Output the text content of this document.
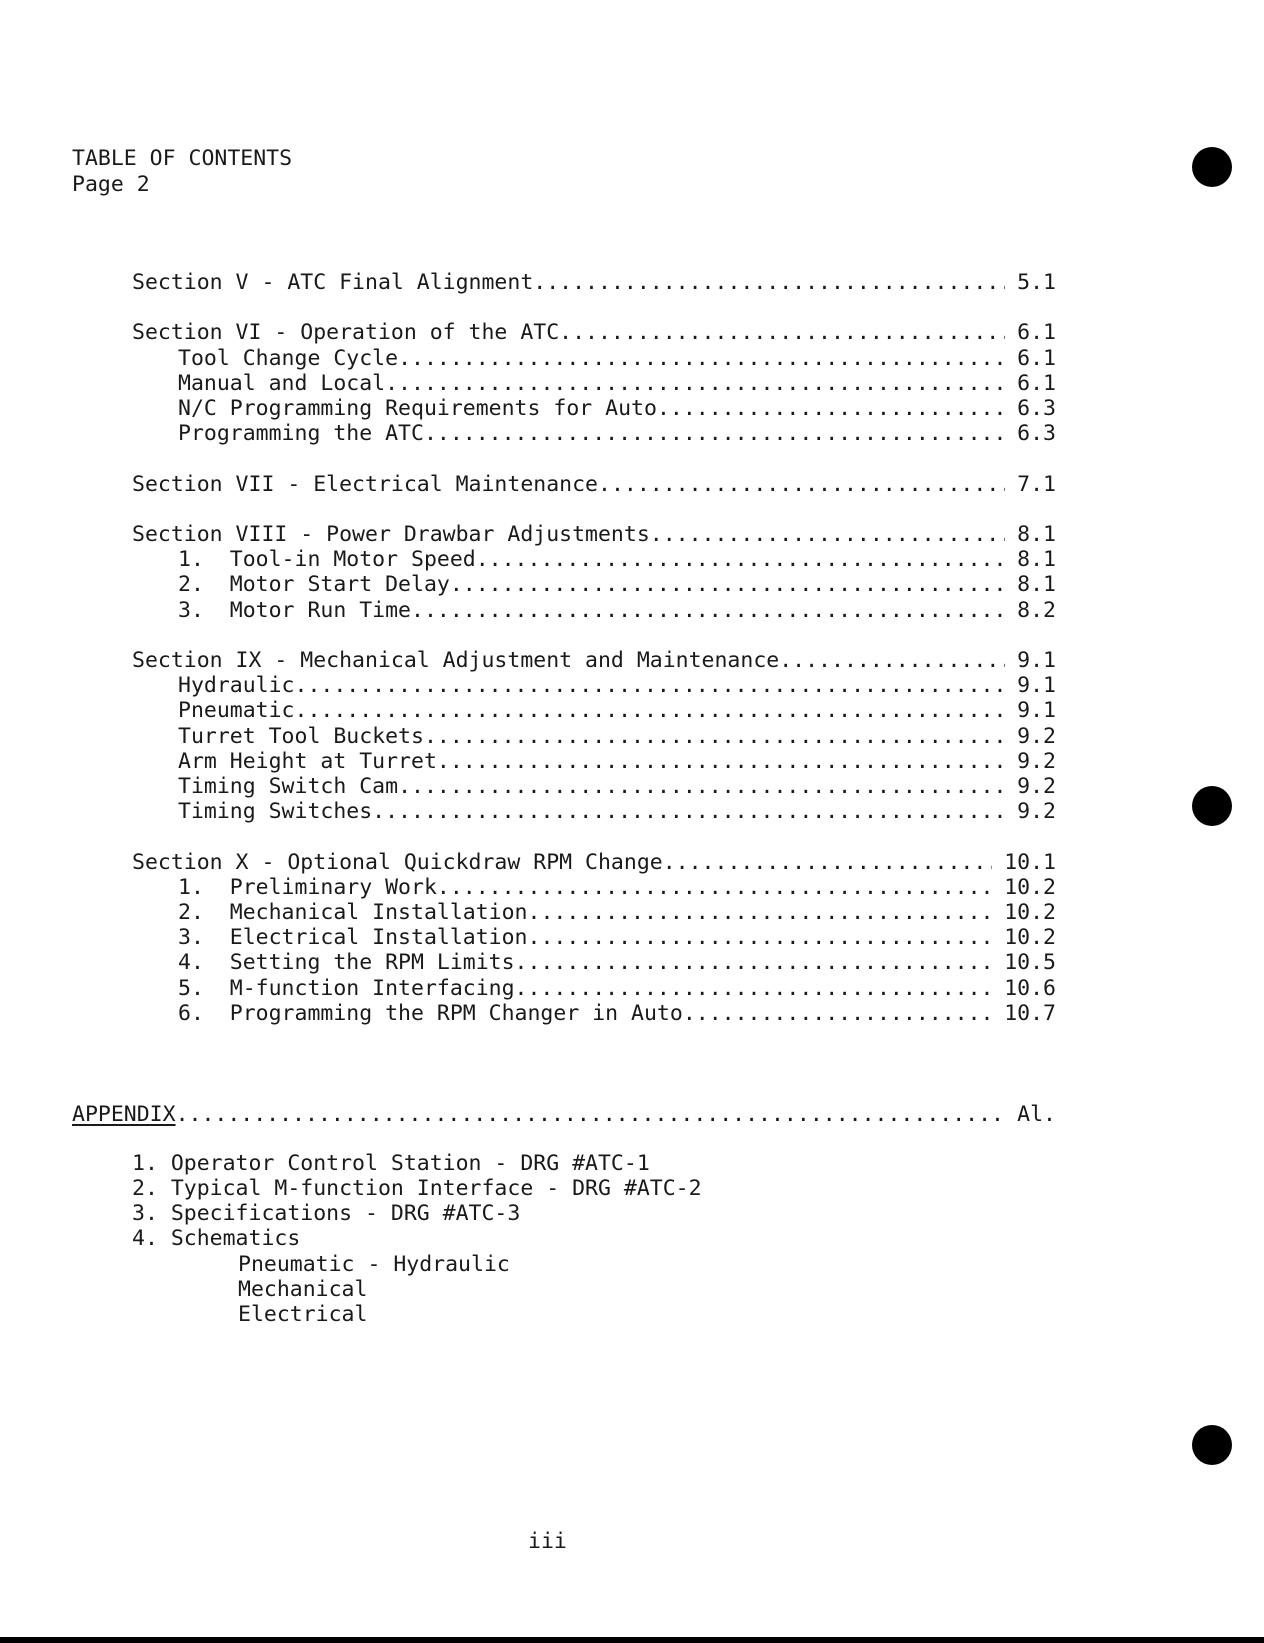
TABLE OF CONTENTS
Page 2
Section V - ATC Final Alignment .....	5.1
Section VI - Operation of the ATC .....	6.1
Tool Change Cycle .....	6.1
Manual and Local .....	6.1
N/C Programming Requirements for Auto .....	6.3
Programming the ATC .....	6.3
Section VII - Electrical Maintenance .....	7.1
Section VIII - Power Drawbar Adjustments .....	8.1
1.  Tool-in Motor Speed .....	8.1
2.  Motor Start Delay .....	8.1
3.  Motor Run Time .....	8.2
Section IX - Mechanical Adjustment and Maintenance .....	9.1
Hydraulic .....	9.1
Pneumatic .....	9.1
Turret Tool Buckets .....	9.2
Arm Height at Turret .....	9.2
Timing Switch Cam .....	9.2
Timing Switches .....	9.2
Section X - Optional Quickdraw RPM Change .....	10.1
1.  Preliminary Work .....	10.2
2.  Mechanical Installation .....	10.2
3.  Electrical Installation .....	10.2
4.  Setting the RPM Limits .....	10.5
5.  M-function Interfacing .....	10.6
6.  Programming the RPM Changer in Auto .....	10.7
APPENDIX .....	Al.
1. Operator Control Station - DRG #ATC-1
2. Typical M-function Interface - DRG #ATC-2
3. Specifications - DRG #ATC-3
4. Schematics
Pneumatic - Hydraulic
Mechanical
Electrical
iii
